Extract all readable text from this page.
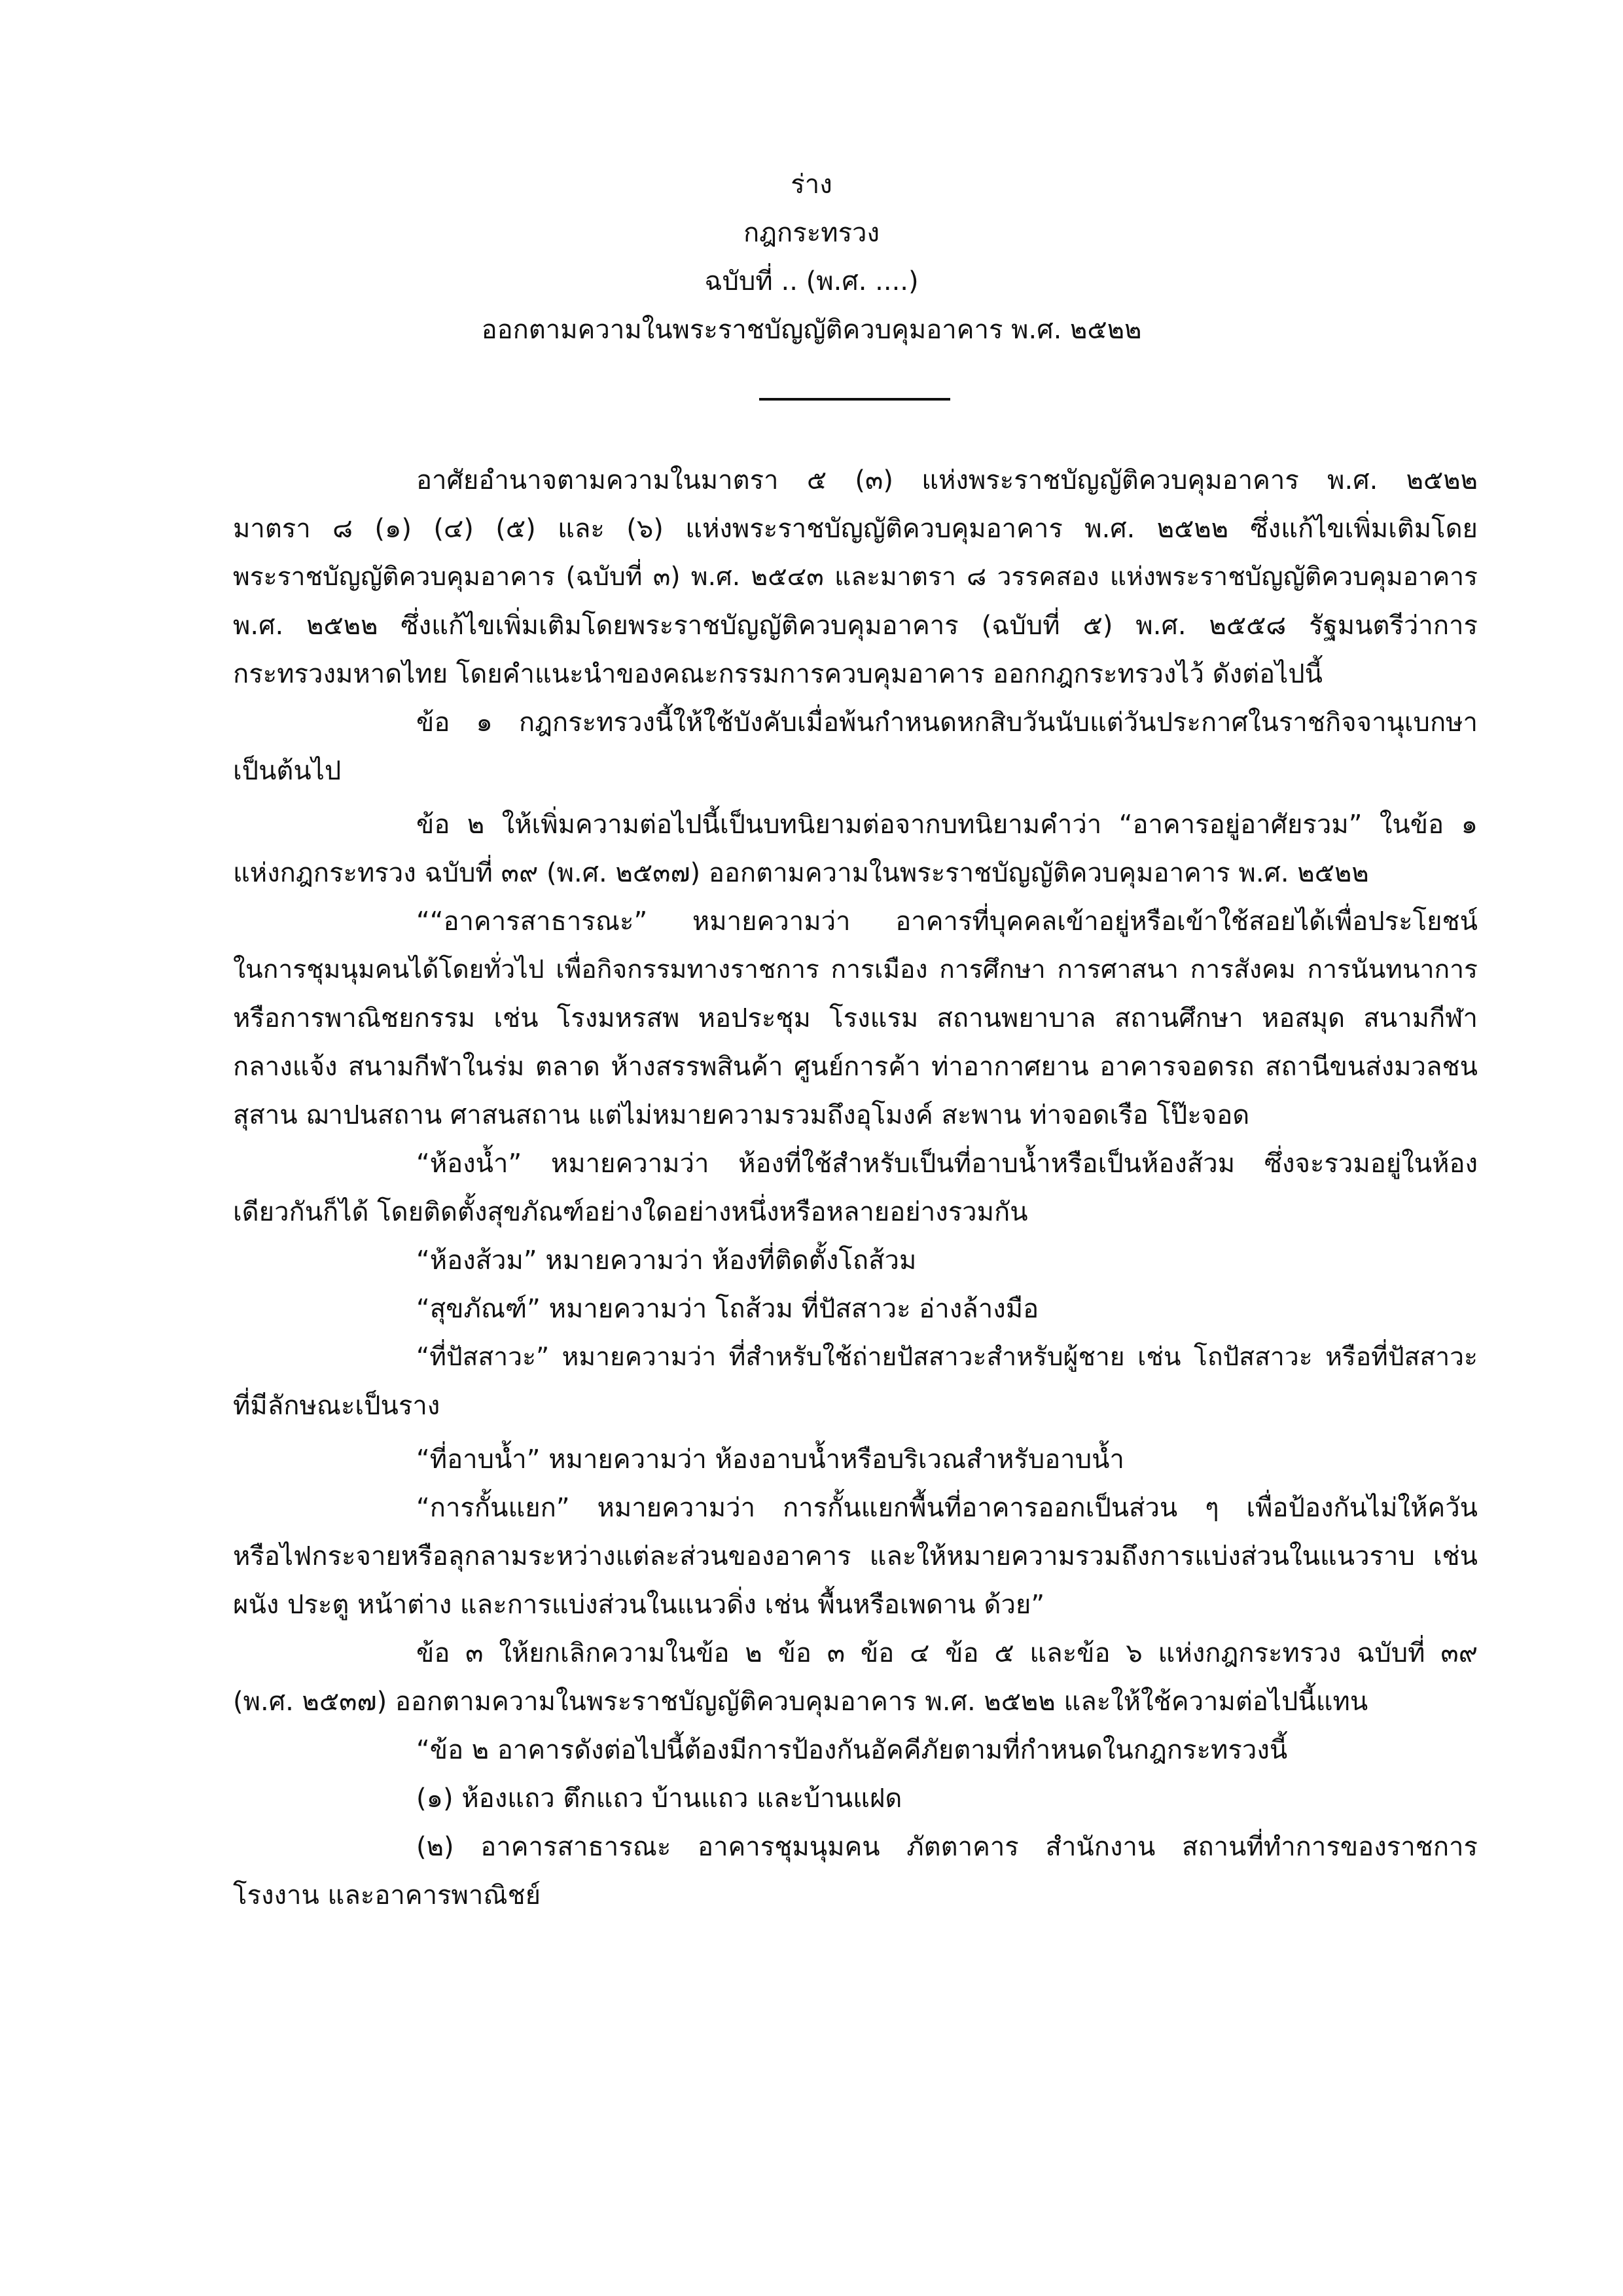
ร่าง
กฎกระทรวง
ฉบับที่ .. (พ.ศ. ....)
ออกตามความในพระราชบัญญัติควบคุมอาคาร พ.ศ. ๒๕๒๒
อาศัยอำนาจตามความในมาตรา ๕ (๓) แห่งพระราชบัญญัติควบคุมอาคาร พ.ศ. ๒๕๒๒
มาตรา ๘ (๑) (๔) (๕) และ (๖) แห่งพระราชบัญญัติควบคุมอาคาร พ.ศ. ๒๕๒๒ ซึ่งแก้ไขเพิ่มเติมโดย
พระราชบัญญัติควบคุมอาคาร (ฉบับที่ ๓) พ.ศ. ๒๕๔๓ และมาตรา ๘ วรรคสอง แห่งพระราชบัญญัติควบคุมอาคาร
พ.ศ. ๒๕๒๒ ซึ่งแก้ไขเพิ่มเติมโดยพระราชบัญญัติควบคุมอาคาร (ฉบับที่ ๕) พ.ศ. ๒๕๕๘ รัฐมนตรีว่าการ
กระทรวงมหาดไทย โดยคำแนะนำของคณะกรรมการควบคุมอาคาร ออกกฎกระทรวงไว้ ดังต่อไปนี้
ข้อ ๑ กฎกระทรวงนี้ให้ใช้บังคับเมื่อพ้นกำหนดหกสิบวันนับแต่วันประกาศในราชกิจจานุเบกษา
เป็นต้นไป
ข้อ ๒ ให้เพิ่มความต่อไปนี้เป็นบทนิยามต่อจากบทนิยามคำว่า “อาคารอยู่อาศัยรวม” ในข้อ ๑
แห่งกฎกระทรวง ฉบับที่ ๓๙ (พ.ศ. ๒๕๓๗) ออกตามความในพระราชบัญญัติควบคุมอาคาร พ.ศ. ๒๕๒๒
““อาคารสาธารณะ” หมายความว่า อาคารที่บุคคลเข้าอยู่หรือเข้าใช้สอยได้เพื่อประโยชน์
ในการชุมนุมคนได้โดยทั่วไป เพื่อกิจกรรมทางราชการ การเมือง การศึกษา การศาสนา การสังคม การนันทนาการ
หรือการพาณิชยกรรม เช่น โรงมหรสพ หอประชุม โรงแรม สถานพยาบาล สถานศึกษา หอสมุด สนามกีฬา
กลางแจ้ง สนามกีฬาในร่ม ตลาด ห้างสรรพสินค้า ศูนย์การค้า ท่าอากาศยาน อาคารจอดรถ สถานีขนส่งมวลชน
สุสาน ฌาปนสถาน ศาสนสถาน แต่ไม่หมายความรวมถึงอุโมงค์ สะพาน ท่าจอดเรือ โป๊ะจอด
“ห้องน้ำ” หมายความว่า ห้องที่ใช้สำหรับเป็นที่อาบน้ำหรือเป็นห้องส้วม ซึ่งจะรวมอยู่ในห้อง
เดียวกันก็ได้ โดยติดตั้งสุขภัณฑ์อย่างใดอย่างหนึ่งหรือหลายอย่างรวมกัน
“ห้องส้วม” หมายความว่า ห้องที่ติดตั้งโถส้วม
“สุขภัณฑ์” หมายความว่า โถส้วม ที่ปัสสาวะ อ่างล้างมือ
“ที่ปัสสาวะ” หมายความว่า ที่สำหรับใช้ถ่ายปัสสาวะสำหรับผู้ชาย เช่น โถปัสสาวะ หรือที่ปัสสาวะ
ที่มีลักษณะเป็นราง
“ที่อาบน้ำ” หมายความว่า ห้องอาบน้ำหรือบริเวณสำหรับอาบน้ำ
“การกั้นแยก” หมายความว่า การกั้นแยกพื้นที่อาคารออกเป็นส่วน ๆ เพื่อป้องกันไม่ให้ควัน
หรือไฟกระจายหรือลุกลามระหว่างแต่ละส่วนของอาคาร และให้หมายความรวมถึงการแบ่งส่วนในแนวราบ เช่น
ผนัง ประตู หน้าต่าง และการแบ่งส่วนในแนวดิ่ง เช่น พื้นหรือเพดาน ด้วย”
ข้อ ๓ ให้ยกเลิกความในข้อ ๒ ข้อ ๓ ข้อ ๔ ข้อ ๕ และข้อ ๖ แห่งกฎกระทรวง ฉบับที่ ๓๙
(พ.ศ. ๒๕๓๗) ออกตามความในพระราชบัญญัติควบคุมอาคาร พ.ศ. ๒๕๒๒ และให้ใช้ความต่อไปนี้แทน
“ข้อ ๒ อาคารดังต่อไปนี้ต้องมีการป้องกันอัคคีภัยตามที่กำหนดในกฎกระทรวงนี้
(๑) ห้องแถว ตึกแถว บ้านแถว และบ้านแฝด
(๒) อาคารสาธารณะ อาคารชุมนุมคน ภัตตาคาร สำนักงาน สถานที่ทำการของราชการ
โรงงาน และอาคารพาณิชย์
